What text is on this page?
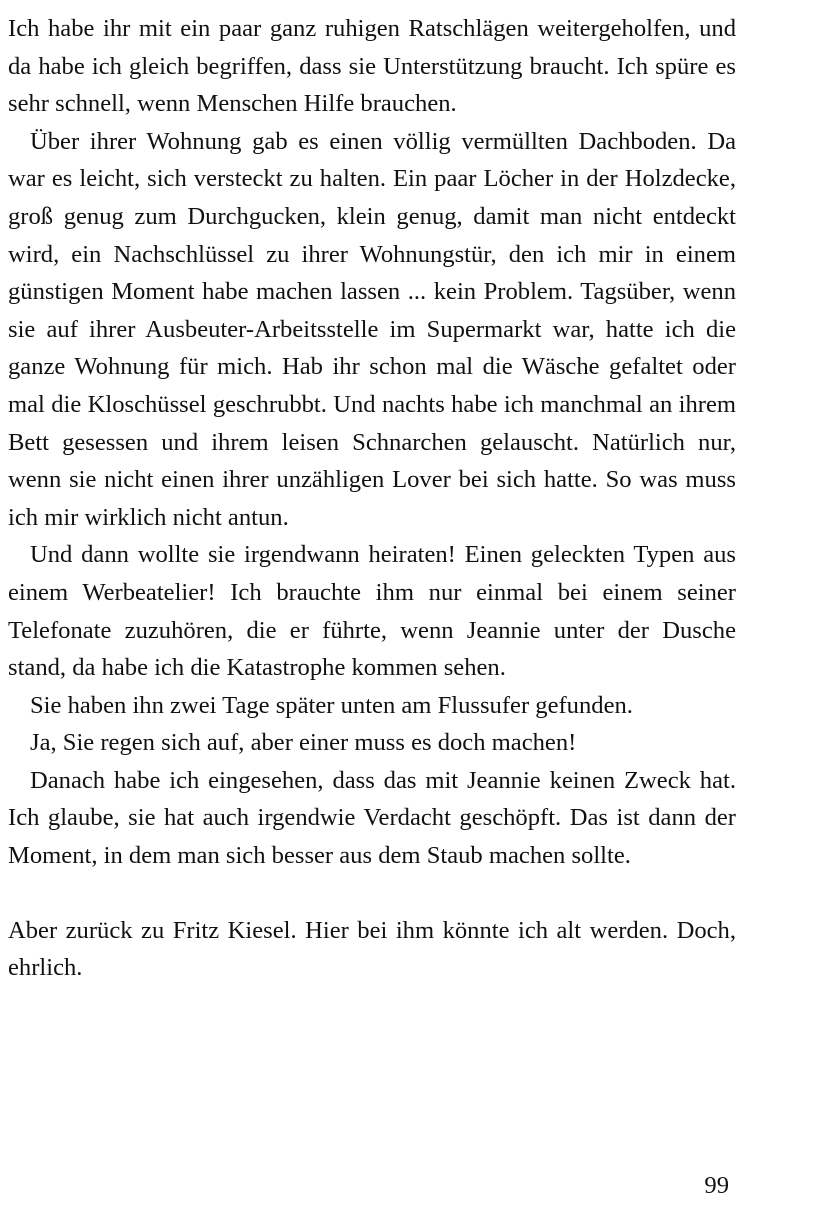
Ich habe ihr mit ein paar ganz ruhigen Ratschlägen weitergeholfen, und da habe ich gleich begriffen, dass sie Unterstützung braucht. Ich spüre es sehr schnell, wenn Menschen Hilfe brauchen.

Über ihrer Wohnung gab es einen völlig vermüllten Dachboden. Da war es leicht, sich versteckt zu halten. Ein paar Löcher in der Holzdecke, groß genug zum Durchgucken, klein genug, damit man nicht entdeckt wird, ein Nachschlüssel zu ihrer Wohnungstür, den ich mir in einem günstigen Moment habe machen lassen ... kein Problem. Tagsüber, wenn sie auf ihrer Ausbeuter-Arbeitsstelle im Supermarkt war, hatte ich die ganze Wohnung für mich. Hab ihr schon mal die Wäsche gefaltet oder mal die Kloschüssel geschrubbt. Und nachts habe ich manchmal an ihrem Bett gesessen und ihrem leisen Schnarchen gelauscht. Natürlich nur, wenn sie nicht einen ihrer unzähligen Lover bei sich hatte. So was muss ich mir wirklich nicht antun.

Und dann wollte sie irgendwann heiraten! Einen geleckten Typen aus einem Werbeatelier! Ich brauchte ihm nur einmal bei einem seiner Telefonate zuzuhören, die er führte, wenn Jeannie unter der Dusche stand, da habe ich die Katastrophe kommen sehen.

Sie haben ihn zwei Tage später unten am Flussufer gefunden.

Ja, Sie regen sich auf, aber einer muss es doch machen!

Danach habe ich eingesehen, dass das mit Jeannie keinen Zweck hat. Ich glaube, sie hat auch irgendwie Verdacht geschöpft. Das ist dann der Moment, in dem man sich besser aus dem Staub machen sollte.

Aber zurück zu Fritz Kiesel. Hier bei ihm könnte ich alt werden. Doch, ehrlich.

99
